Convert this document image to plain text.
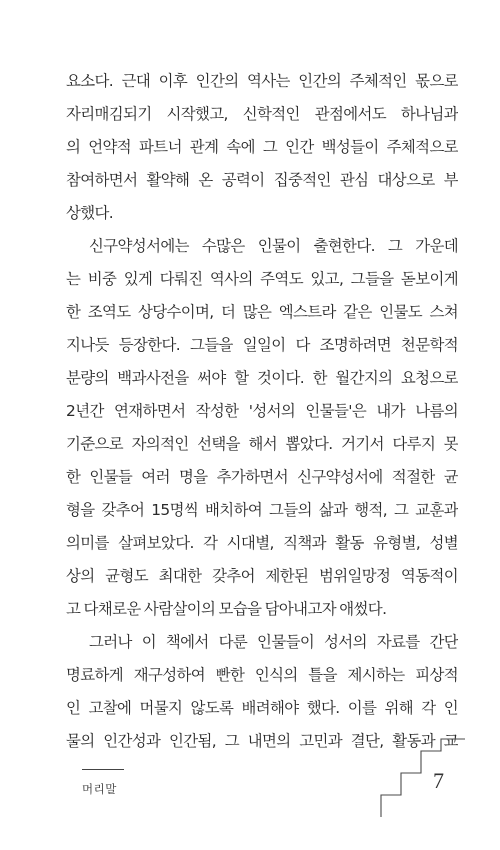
요소다. 근대 이후 인간의 역사는 인간의 주체적인 몫으로
자리매김되기 시작했고, 신학적인 관점에서도 하나님과
의 언약적 파트너 관계 속에 그 인간 백성들이 주체적으로
참여하면서 활약해 온 공력이 집중적인 관심 대상으로 부
상했다.
신구약성서에는 수많은 인물이 출현한다. 그 가운데
는 비중 있게 다뤄진 역사의 주역도 있고, 그들을 돋보이게
한 조역도 상당수이며, 더 많은 엑스트라 같은 인물도 스쳐
지나듯 등장한다. 그들을 일일이 다 조명하려면 천문학적
분량의 백과사전을 써야 할 것이다. 한 월간지의 요청으로
2년간 연재하면서 작성한 '성서의 인물들'은 내가 나름의
기준으로 자의적인 선택을 해서 뽑았다. 거기서 다루지 못
한 인물들 여러 명을 추가하면서 신구약성서에 적절한 균
형을 갖추어 15명씩 배치하여 그들의 삶과 행적, 그 교훈과
의미를 살펴보았다. 각 시대별, 직책과 활동 유형별, 성별
상의 균형도 최대한 갖추어 제한된 범위일망정 역동적이
고 다채로운 사람살이의 모습을 담아내고자 애썼다.
그러나 이 책에서 다룬 인물들이 성서의 자료를 간단
명료하게 재구성하여 빤한 인식의 틀을 제시하는 피상적
인 고찰에 머물지 않도록 배려해야 했다. 이를 위해 각 인
물의 인간성과 인간됨, 그 내면의 고민과 결단, 활동과 교
머리말	7
